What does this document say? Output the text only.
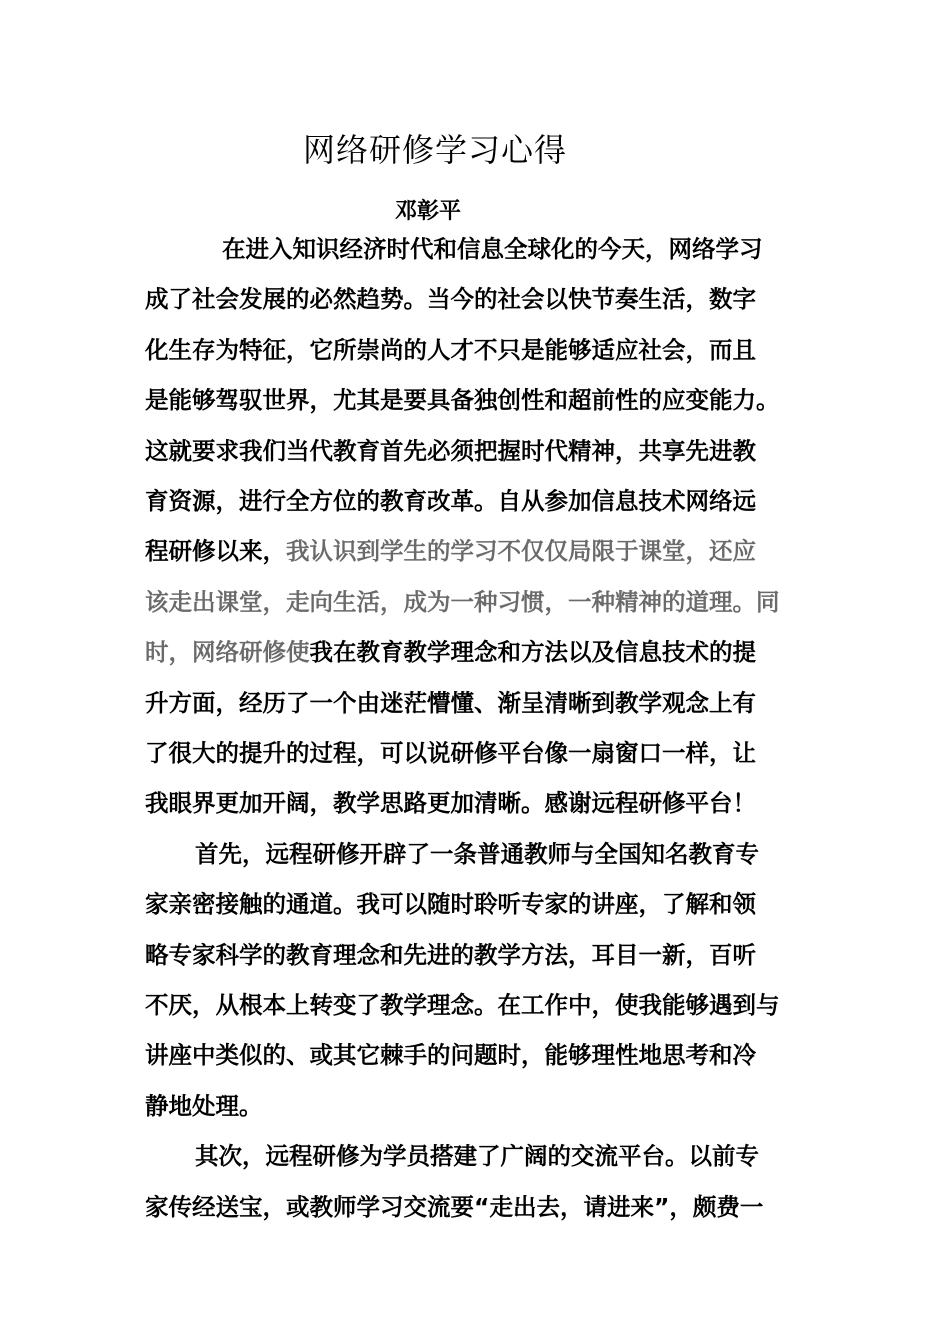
网络研修学习心得
邓彰平
在进入知识经济时代和信息全球化的今天，网络学习
成了社会发展的必然趋势。当今的社会以快节奏生活，数字
化生存为特征，它所崇尚的人才不只是能够适应社会，而且
是能够驾驭世界，尤其是要具备独创性和超前性的应变能力。
这就要求我们当代教育首先必须把握时代精神，共享先进教
育资源，进行全方位的教育改革。自从参加信息技术网络远
程研修以来，我认识到学生的学习不仅仅局限于课堂，还应
该走出课堂，走向生活，成为一种习惯，一种精神的道理。同
时，网络研修使我在教育教学理念和方法以及信息技术的提
升方面，经历了一个由迷茫懵懂、渐呈清晰到教学观念上有
了很大的提升的过程，可以说研修平台像一扇窗口一样，让
我眼界更加开阔，教学思路更加清晰。感谢远程研修平台！
首先，远程研修开辟了一条普通教师与全国知名教育专
家亲密接触的通道。我可以随时聆听专家的讲座，了解和领
略专家科学的教育理念和先进的教学方法，耳目一新，百听
不厌，从根本上转变了教学理念。在工作中，使我能够遇到与
讲座中类似的、或其它棘手的问题时，能够理性地思考和冷
静地处理。
其次，远程研修为学员搭建了广阔的交流平台。以前专
家传经送宝，或教师学习交流要“走出去，请进来”，颇费一
